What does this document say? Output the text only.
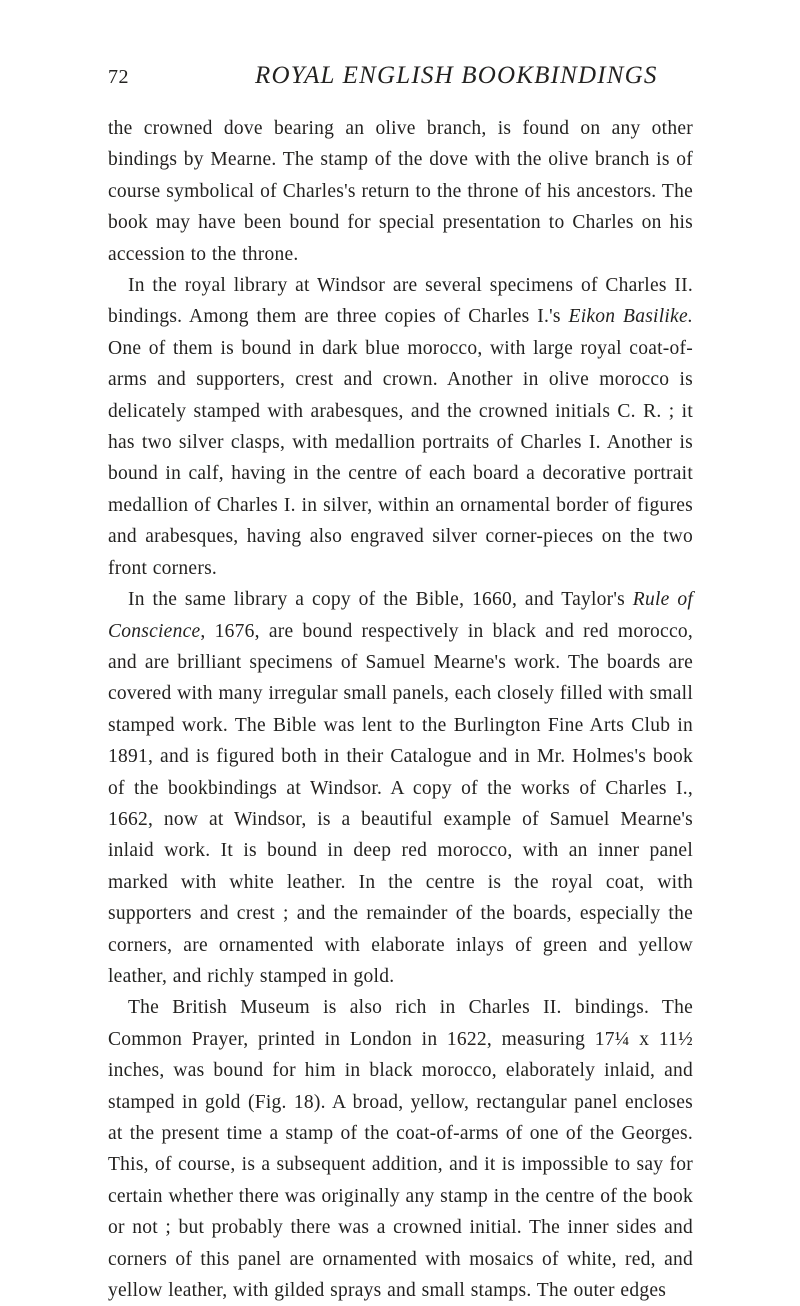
72	ROYAL ENGLISH BOOKBINDINGS

the crowned dove bearing an olive branch, is found on any other bindings by Mearne. The stamp of the dove with the olive branch is of course symbolical of Charles's return to the throne of his ancestors. The book may have been bound for special presentation to Charles on his accession to the throne.

In the royal library at Windsor are several specimens of Charles II. bindings. Among them are three copies of Charles I.'s Eikon Basilike. One of them is bound in dark blue morocco, with large royal coat-of-arms and supporters, crest and crown. Another in olive morocco is delicately stamped with arabesques, and the crowned initials C. R. ; it has two silver clasps, with medallion portraits of Charles I. Another is bound in calf, having in the centre of each board a decorative portrait medallion of Charles I. in silver, within an ornamental border of figures and arabesques, having also engraved silver corner-pieces on the two front corners.

In the same library a copy of the Bible, 1660, and Taylor's Rule of Conscience, 1676, are bound respectively in black and red morocco, and are brilliant specimens of Samuel Mearne's work. The boards are covered with many irregular small panels, each closely filled with small stamped work. The Bible was lent to the Burlington Fine Arts Club in 1891, and is figured both in their Catalogue and in Mr. Holmes's book of the bookbindings at Windsor. A copy of the works of Charles I., 1662, now at Windsor, is a beautiful example of Samuel Mearne's inlaid work. It is bound in deep red morocco, with an inner panel marked with white leather. In the centre is the royal coat, with supporters and crest ; and the remainder of the boards, especially the corners, are ornamented with elaborate inlays of green and yellow leather, and richly stamped in gold.

The British Museum is also rich in Charles II. bindings. The Common Prayer, printed in London in 1622, measuring 17¼ x 11½ inches, was bound for him in black morocco, elaborately inlaid, and stamped in gold (Fig. 18). A broad, yellow, rectangular panel encloses at the present time a stamp of the coat-of-arms of one of the Georges. This, of course, is a subsequent addition, and it is impossible to say for certain whether there was originally any stamp in the centre of the book or not ; but probably there was a crowned initial. The inner sides and corners of this panel are ornamented with mosaics of white, red, and yellow leather, with gilded sprays and small stamps. The outer edges
